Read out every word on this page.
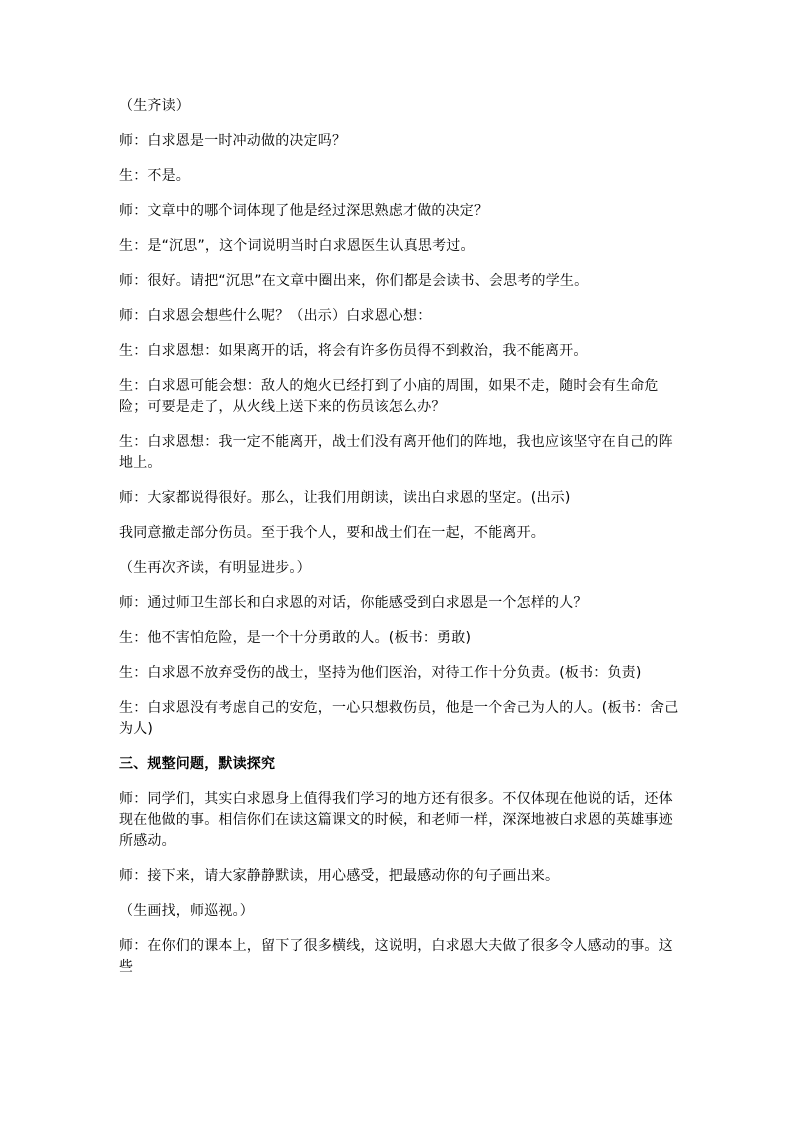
（生齐读）

师：白求恩是一时冲动做的决定吗？

生：不是。

师：文章中的哪个词体现了他是经过深思熟虑才做的决定？

生：是“沉思”，这个词说明当时白求恩医生认真思考过。

师：很好。请把“沉思”在文章中圈出来，你们都是会读书、会思考的学生。

师：白求恩会想些什么呢？（出示）白求恩心想：

生：白求恩想：如果离开的话，将会有许多伤员得不到救治，我不能离开。

生：白求恩可能会想：敌人的炮火已经打到了小庙的周围，如果不走，随时会有生命危险；可要是走了，从火线上送下来的伤员该怎么办？

生：白求恩想：我一定不能离开，战士们没有离开他们的阵地，我也应该坚守在自己的阵地上。

师：大家都说得很好。那么，让我们用朗读，读出白求恩的坚定。(出示)

我同意撤走部分伤员。至于我个人，要和战士们在一起，不能离开。

（生再次齐读，有明显进步。）

师：通过师卫生部长和白求恩的对话，你能感受到白求恩是一个怎样的人？

生：他不害怕危险，是一个十分勇敢的人。(板书：勇敢)

生：白求恩不放弃受伤的战士，坚持为他们医治，对待工作十分负责。(板书：负责)

生：白求恩没有考虑自己的安危，一心只想救伤员，他是一个舍己为人的人。(板书：舍己为人)

三、规整问题，默读探究

师：同学们，其实白求恩身上值得我们学习的地方还有很多。不仅体现在他说的话，还体现在他做的事。相信你们在读这篇课文的时候，和老师一样，深深地被白求恩的英雄事迹所感动。

师：接下来，请大家静静默读，用心感受，把最感动你的句子画出来。

（生画找，师巡视。）

师：在你们的课本上，留下了很多横线，这说明，白求恩大夫做了很多令人感动的事。这些
